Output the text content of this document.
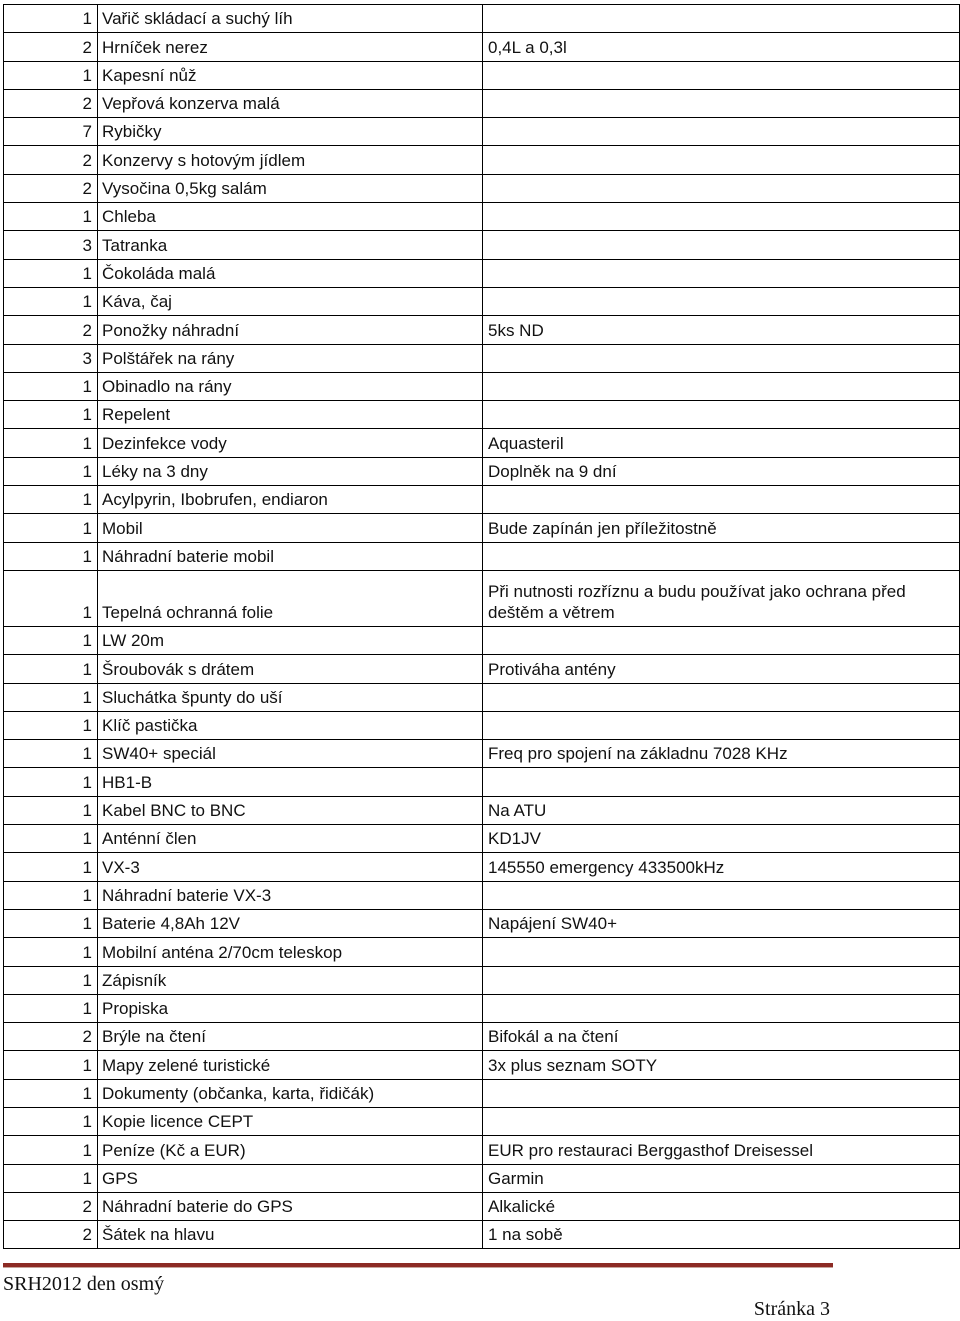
1	Vařič skládací a suchý líh	
2	Hrníček nerez	0,4L a 0,3l
1	Kapesní nůž	
2	Vepřová konzerva malá	
7	Rybičky	
2	Konzervy s hotovým jídlem	
2	Vysočina 0,5kg salám	
1	Chleba	
3	Tatranka	
1	Čokoláda malá	
1	Káva, čaj	
2	Ponožky náhradní	5ks ND
3	Polštářek na rány	
1	Obinadlo na rány	
1	Repelent	
1	Dezinfekce vody	Aquasteril
1	Léky na 3 dny	Doplněk na 9 dní
1	Acylpyrin, Ibobrufen, endiaron	
1	Mobil	Bude zapínán jen příležitostně
1	Náhradní baterie mobil	
1	Tepelná ochranná folie	Při nutnosti rozříznu a budu používat jako ochrana před deštěm a větrem
1	LW 20m	
1	Šroubovák s drátem	Protiváha antény
1	Sluchátka špunty do uší	
1	Klíč pastička	
1	SW40+ speciál	Freq pro spojení na základnu 7028 KHz
1	HB1-B	
1	Kabel BNC to BNC	Na ATU
1	Anténní člen	KD1JV
1	VX-3	145550 emergency 433500kHz
1	Náhradní baterie VX-3	
1	Baterie 4,8Ah 12V	Napájení SW40+
1	Mobilní anténa 2/70cm teleskop	
1	Zápisník	
1	Propiska	
2	Brýle na čtení	Bifokál a na čtení
1	Mapy zelené turistické	3x plus seznam SOTY
1	Dokumenty (občanka, karta, řidičák)	
1	Kopie licence CEPT	
1	Peníze (Kč a EUR)	EUR pro restauraci Berggasthof Dreisessel
1	GPS	Garmin
2	Náhradní baterie do GPS	Alkalické
2	Šátek na hlavu	1 na sobě
SRH2012 den osmý
Stránka 3
